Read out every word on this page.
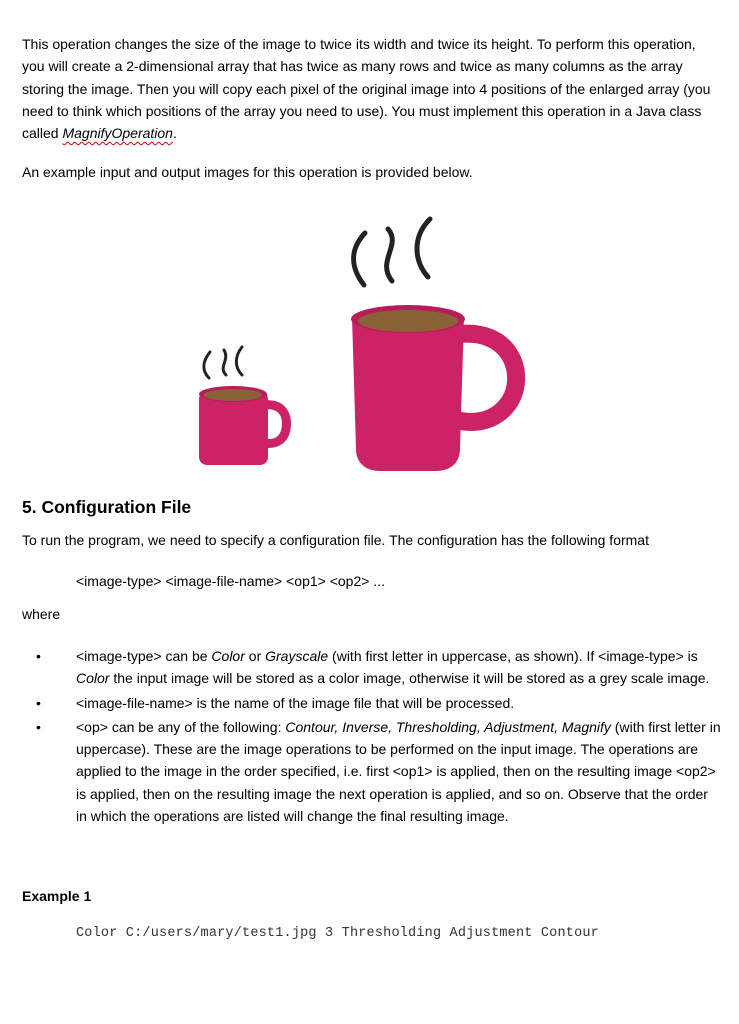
This operation changes the size of the image to twice its width and twice its height. To perform this operation, you will create a 2-dimensional array that has twice as many rows and twice as many columns as the array storing the image. Then you will copy each pixel of the original image into 4 positions of the enlarged array (you need to think which positions of the array you need to use). You must implement this operation in a Java class called MagnifyOperation.
An example input and output images for this operation is provided below.
5. Configuration File
To run the program, we need to specify a configuration file. The configuration has the following format
<image-type> <image-file-name> <op1> <op2> ...
where
•	<image-type> can be Color or Grayscale (with first letter in uppercase, as shown). If <image-type> is Color the input image will be stored as a color image, otherwise it will be stored as a grey scale image.
•	<image-file-name> is the name of the image file that will be processed.
•	<op> can be any of the following: Contour, Inverse, Thresholding, Adjustment, Magnify (with first letter in uppercase). These are the image operations to be performed on the input image. The operations are applied to the image in the order specified, i.e. first <op1> is applied, then on the resulting image <op2> is applied, then on the resulting image the next operation is applied, and so on. Observe that the order in which the operations are listed will change the final resulting image.
Example 1
Color C:/users/mary/test1.jpg 3 Thresholding Adjustment Contour
